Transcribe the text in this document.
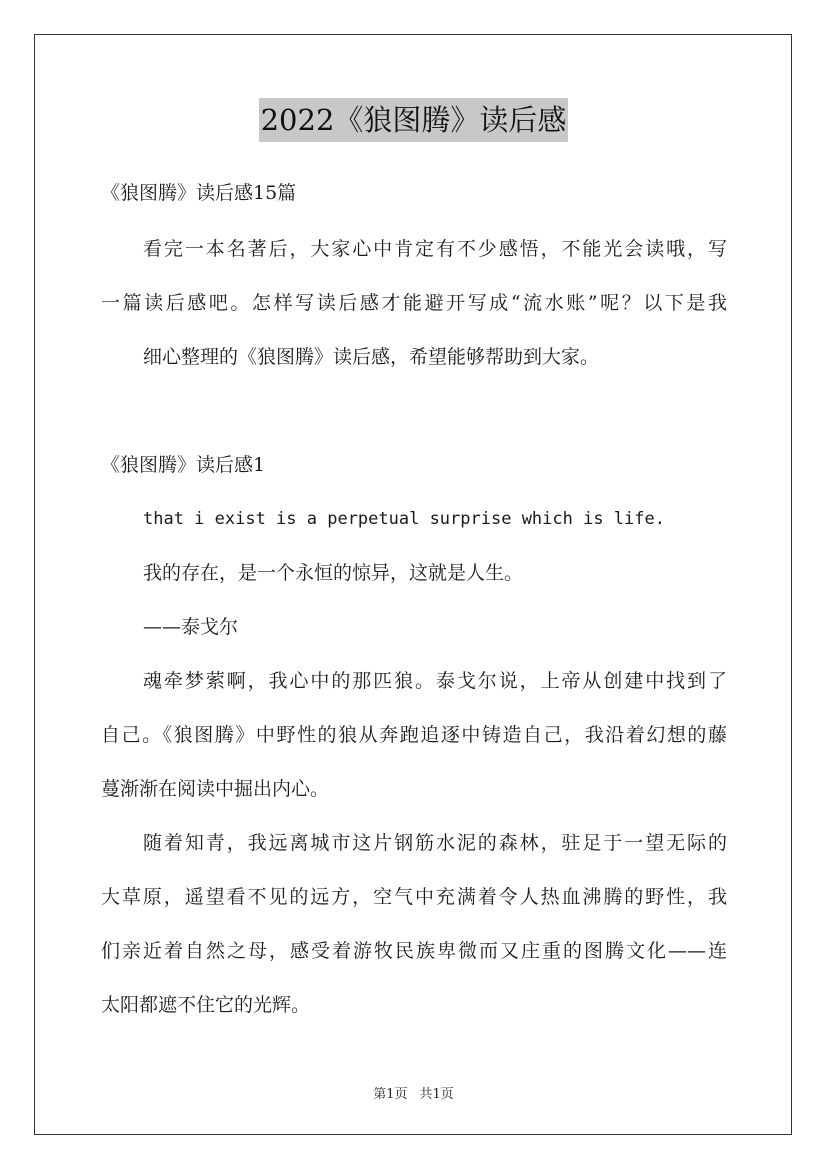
2022《狼图腾》读后感
《狼图腾》读后感15篇
看完一本名著后，大家心中肯定有不少感悟，不能光会读哦，写
一篇读后感吧。怎样写读后感才能避开写成“流水账”呢？以下是我
细心整理的《狼图腾》读后感，希望能够帮助到大家。
《狼图腾》读后感1
that i exist is a perpetual surprise which is life.
我的存在，是一个永恒的惊异，这就是人生。
——泰戈尔
魂牵梦萦啊，我心中的那匹狼。泰戈尔说，上帝从创建中找到了
自己。《狼图腾》中野性的狼从奔跑追逐中铸造自己，我沿着幻想的藤
蔓渐渐在阅读中掘出内心。
随着知青，我远离城市这片钢筋水泥的森林，驻足于一望无际的
大草原，遥望看不见的远方，空气中充满着令人热血沸腾的野性，我
们亲近着自然之母，感受着游牧民族卑微而又庄重的图腾文化——连
太阳都遮不住它的光辉。
第1页 共1页
